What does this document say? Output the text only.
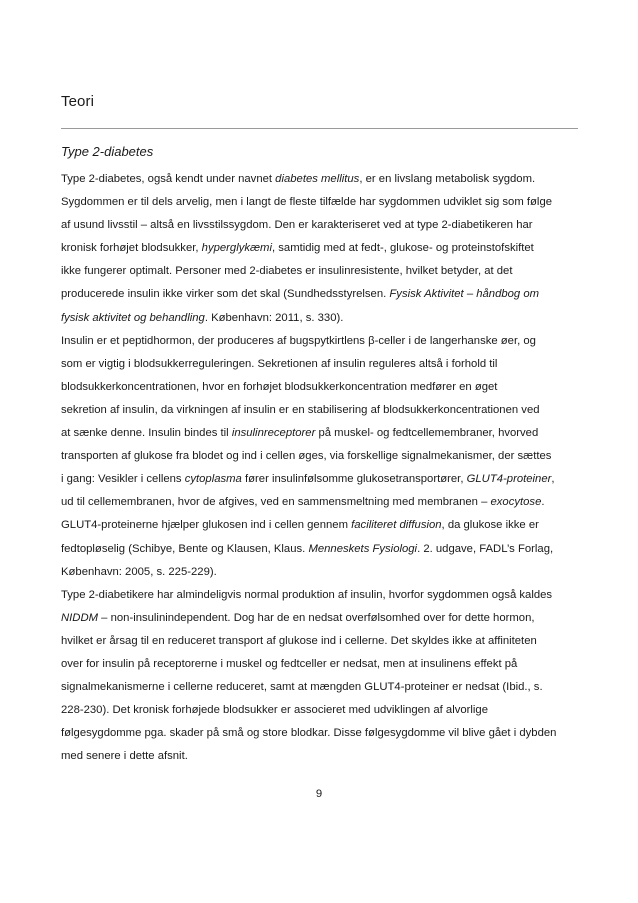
Teori
Type 2-diabetes
Type 2-diabetes, også kendt under navnet diabetes mellitus, er en livslang metabolisk sygdom.
Sygdommen er til dels arvelig, men i langt de fleste tilfælde har sygdommen udviklet sig som følge
af usund livsstil – altså en livsstilssygdom. Den er karakteriseret ved at type 2-diabetikeren har
kronisk forhøjet blodsukker, hyperglykæmi, samtidig med at fedt-, glukose- og proteinstofskiftet
ikke fungerer optimalt. Personer med 2-diabetes er insulinresistente, hvilket betyder, at det
producerede insulin ikke virker som det skal (Sundhedsstyrelsen. Fysisk Aktivitet – håndbog om
fysisk aktivitet og behandling. København: 2011, s. 330).
Insulin er et peptidhormon, der produceres af bugspytkirtlens β-celler i de langerhanske øer, og
som er vigtig i blodsukkerreguleringen. Sekretionen af insulin reguleres altså i forhold til
blodsukkerkoncentrationen, hvor en forhøjet blodsukkerkoncentration medfører en øget
sekretion af insulin, da virkningen af insulin er en stabilisering af blodsukkerkoncentrationen ved
at sænke denne. Insulin bindes til insulinreceptorer på muskel- og fedtcellemembraner, hvorved
transporten af glukose fra blodet og ind i cellen øges, via forskellige signalmekanismer, der sættes
i gang: Vesikler i cellens cytoplasma fører insulinfølsomme glukosetransportører, GLUT4-proteiner,
ud til cellemembranen, hvor de afgives, ved en sammensmeltning med membranen – exocytose.
GLUT4-proteinerne hjælper glukosen ind i cellen gennem faciliteret diffusion, da glukose ikke er
fedtopløselig (Schibye, Bente og Klausen, Klaus. Menneskets Fysiologi. 2. udgave, FADL’s Forlag,
København: 2005, s. 225-229).
Type 2-diabetikere har almindeligvis normal produktion af insulin, hvorfor sygdommen også kaldes
NIDDM – non-insulinindependent. Dog har de en nedsat overfølsomhed over for dette hormon,
hvilket er årsag til en reduceret transport af glukose ind i cellerne. Det skyldes ikke at affiniteten
over for insulin på receptorerne i muskel og fedtceller er nedsat, men at insulinens effekt på
signalmekanismerne i cellerne reduceret, samt at mængden GLUT4-proteiner er nedsat (Ibid., s.
228-230). Det kronisk forhøjede blodsukker er associeret med udviklingen af alvorlige
følgesygdomme pga. skader på små og store blodkar. Disse følgesygdomme vil blive gået i dybden
med senere i dette afsnit.
9
